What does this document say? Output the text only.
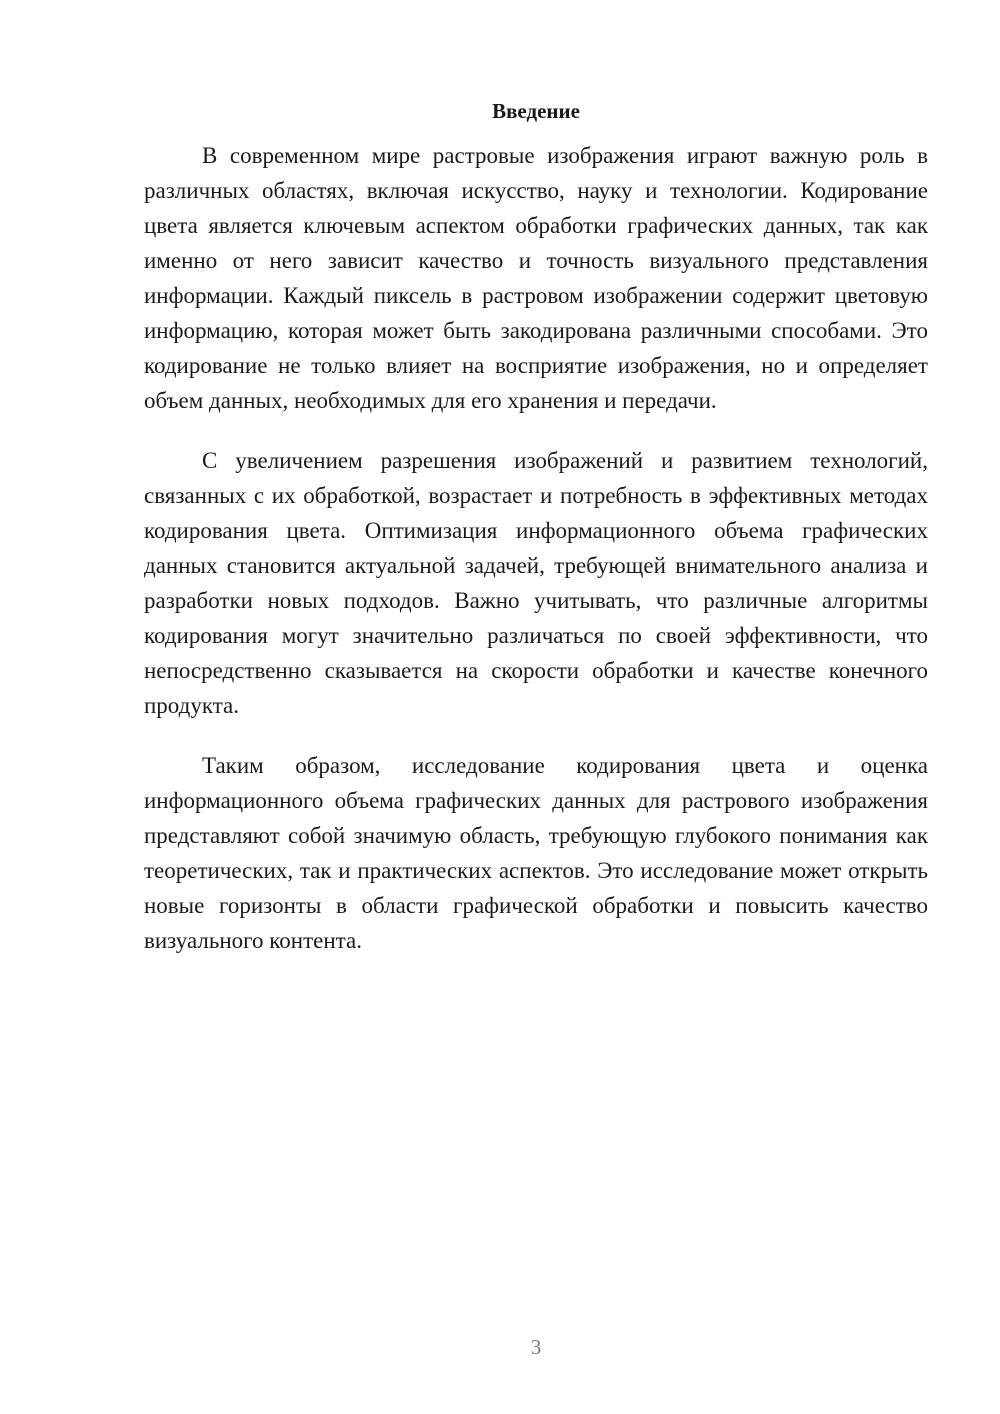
Введение

В современном мире растровые изображения играют важную роль в различных областях, включая искусство, науку и технологии. Кодирование цвета является ключевым аспектом обработки графических данных, так как именно от него зависит качество и точность визуального представления информации. Каждый пиксель в растровом изображении содержит цветовую информацию, которая может быть закодирована различными способами. Это кодирование не только влияет на восприятие изображения, но и определяет объем данных, необходимых для его хранения и передачи.

С увеличением разрешения изображений и развитием технологий, связанных с их обработкой, возрастает и потребность в эффективных методах кодирования цвета. Оптимизация информационного объема графических данных становится актуальной задачей, требующей внимательного анализа и разработки новых подходов. Важно учитывать, что различные алгоритмы кодирования могут значительно различаться по своей эффективности, что непосредственно сказывается на скорости обработки и качестве конечного продукта.

Таким образом, исследование кодирования цвета и оценка информационного объема графических данных для растрового изображения представляют собой значимую область, требующую глубокого понимания как теоретических, так и практических аспектов. Это исследование может открыть новые горизонты в области графической обработки и повысить качество визуального контента.

3
